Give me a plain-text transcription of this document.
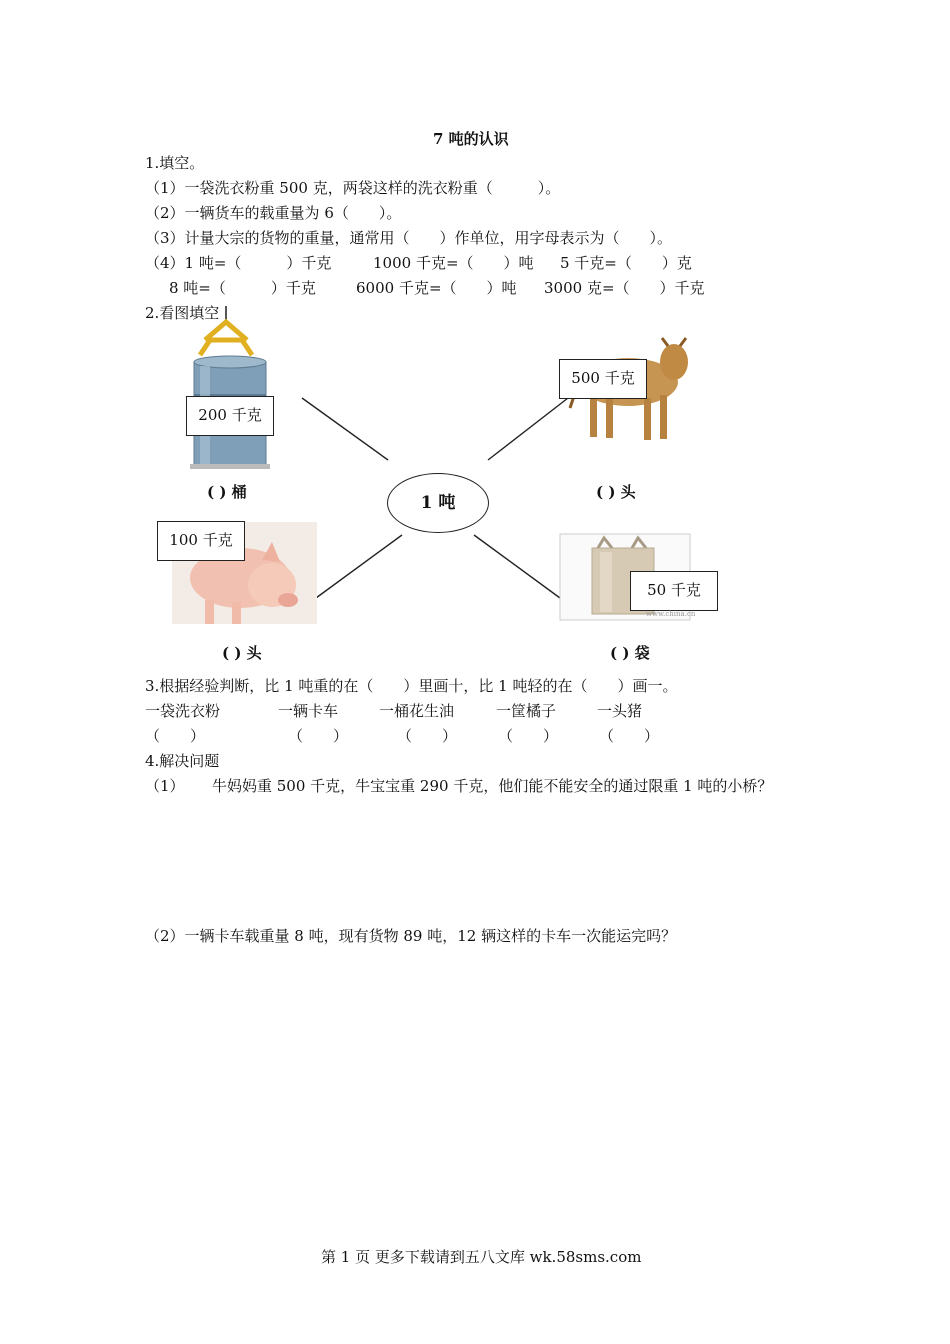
7 吨的认识
1.填空。
（1）一袋洗衣粉重 500 克，两袋这样的洗衣粉重（　　　）。
（2）一辆货车的载重量为 6（　　）。
（3）计量大宗的货物的重量，通常用（　　）作单位，用字母表示为（　　）。
（4）1 吨=（　　　）千克	1000 千克=（　　）吨 5 千克=（　　）克
8 吨=（　　　）千克	6000 千克=（　　）吨 3000 克=（　　）千克
2.看图填空
200 千克
500 千克
100 千克
50 千克
www.china.cn
1 吨
( ) 桶	( ) 头
( ) 头	( ) 袋
3.根据经验判断，比 1 吨重的在（　　）里画十，比 1 吨轻的在（　　）画一。
一袋洗衣粉	一辆卡车	一桶花生油	一筐橘子	一头猪
（　　）	（　　）	（　　）	（　　）	（　　）
4.解决问题
（1） 牛妈妈重 500 千克，牛宝宝重 290 千克，他们能不能安全的通过限重 1 吨的小桥？
（2）一辆卡车载重量 8 吨，现有货物 89 吨，12 辆这样的卡车一次能运完吗？
第 1 页 更多下载请到五八文库 wk.58sms.com
